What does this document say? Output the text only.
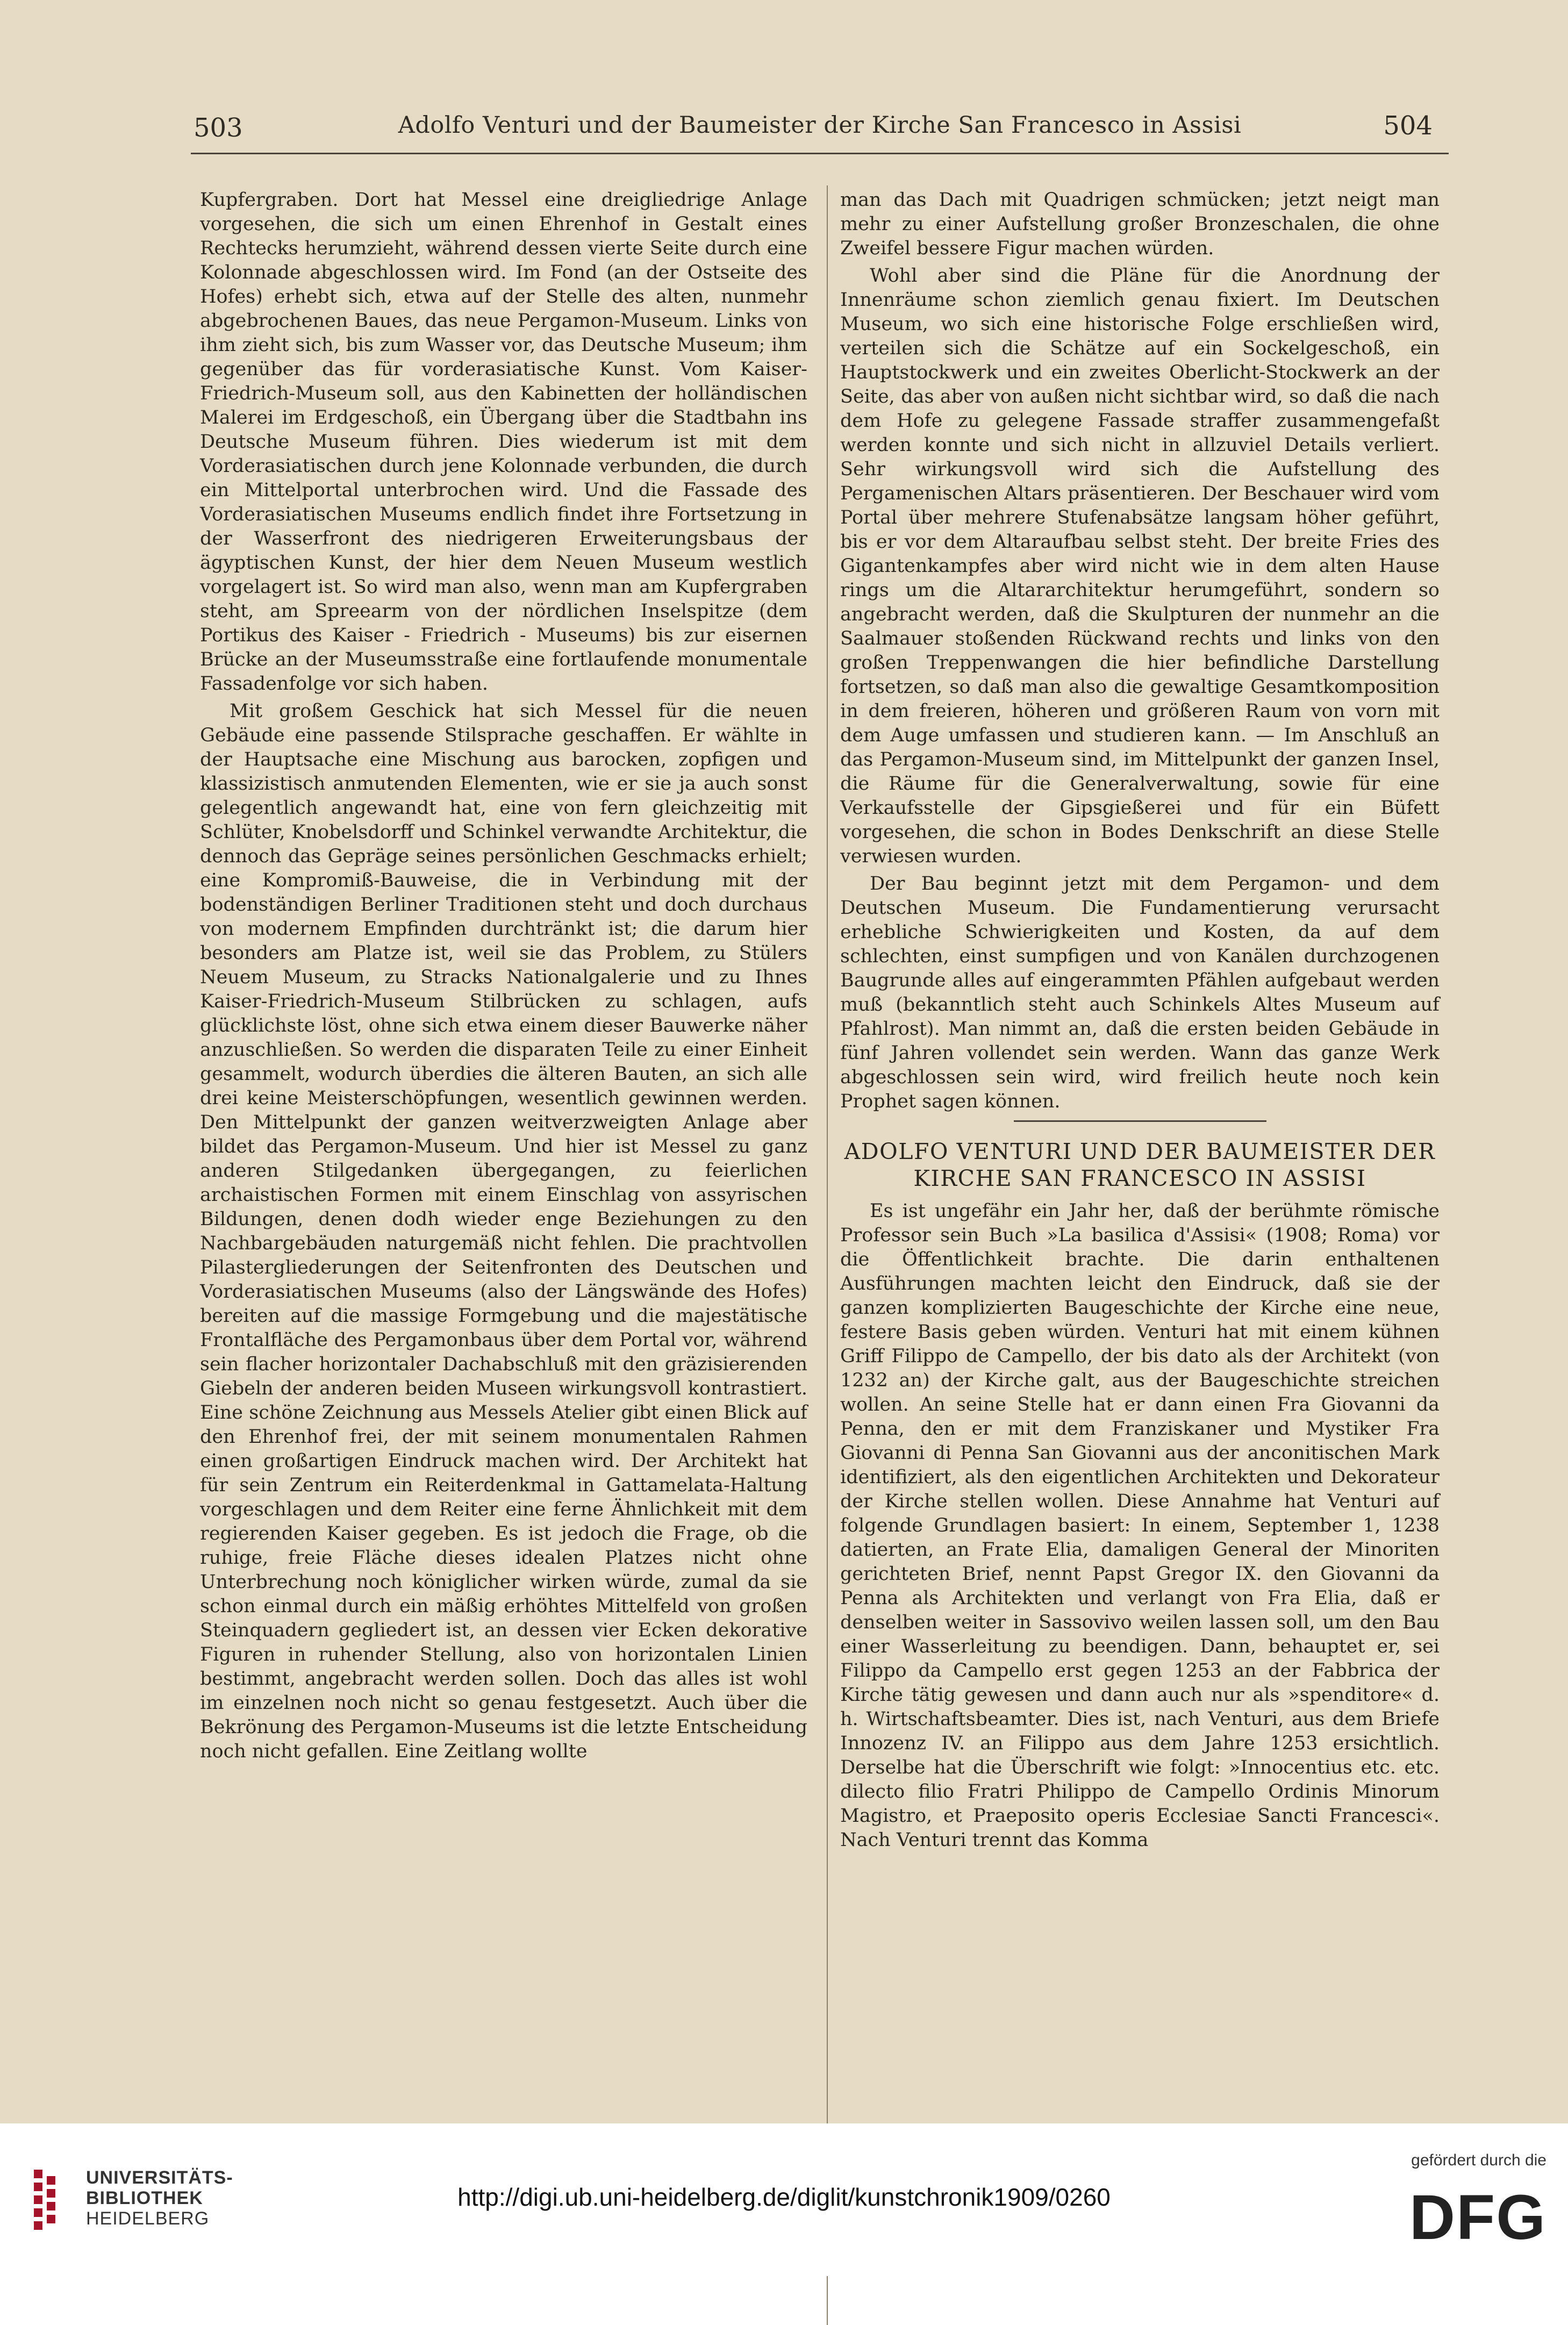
503	Adolfo Venturi und der Baumeister der Kirche San Francesco in Assisi	504

Kupfergraben. Dort hat Messel eine dreigliedrige Anlage vorgesehen, die sich um einen Ehrenhof in Gestalt eines Rechtecks herumzieht, während dessen vierte Seite durch eine Kolonnade abgeschlossen wird. Im Fond (an der Ostseite des Hofes) erhebt sich, etwa auf der Stelle des alten, nunmehr abgebrochenen Baues, das neue Pergamon-Museum. Links von ihm zieht sich, bis zum Wasser vor, das Deutsche Museum; ihm gegenüber das für vorderasiatische Kunst. Vom Kaiser-Friedrich-Museum soll, aus den Kabinetten der holländischen Malerei im Erdgeschoß, ein Übergang über die Stadtbahn ins Deutsche Museum führen. Dies wiederum ist mit dem Vorderasiatischen durch jene Kolonnade verbunden, die durch ein Mittelportal unterbrochen wird. Und die Fassade des Vorderasiatischen Museums endlich findet ihre Fortsetzung in der Wasserfront des niedrigeren Erweiterungsbaus der ägyptischen Kunst, der hier dem Neuen Museum westlich vorgelagert ist. So wird man also, wenn man am Kupfergraben steht, am Spreearm von der nördlichen Inselspitze (dem Portikus des Kaiser - Friedrich - Museums) bis zur eisernen Brücke an der Museumsstraße eine fortlaufende monumentale Fassadenfolge vor sich haben.

Mit großem Geschick hat sich Messel für die neuen Gebäude eine passende Stilsprache geschaffen. Er wählte in der Hauptsache eine Mischung aus barocken, zopfigen und klassizistisch anmutenden Elementen, wie er sie ja auch sonst gelegentlich angewandt hat, eine von fern gleichzeitig mit Schlüter, Knobelsdorff und Schinkel verwandte Architektur, die dennoch das Gepräge seines persönlichen Geschmacks erhielt; eine Kompromiß-Bauweise, die in Verbindung mit der bodenständigen Berliner Traditionen steht und doch durchaus von modernem Empfinden durchtränkt ist; die darum hier besonders am Platze ist, weil sie das Problem, zu Stülers Neuem Museum, zu Stracks Nationalgalerie und zu Ihnes Kaiser-Friedrich-Museum Stilbrücken zu schlagen, aufs glücklichste löst, ohne sich etwa einem dieser Bauwerke näher anzuschließen. So werden die disparaten Teile zu einer Einheit gesammelt, wodurch überdies die älteren Bauten, an sich alle drei keine Meisterschöpfungen, wesentlich gewinnen werden. Den Mittelpunkt der ganzen weitverzweigten Anlage aber bildet das Pergamon-Museum. Und hier ist Messel zu ganz anderen Stilgedanken übergegangen, zu feierlichen archaistischen Formen mit einem Einschlag von assyrischen Bildungen, denen dodh wieder enge Beziehungen zu den Nachbargebäuden naturgemäß nicht fehlen. Die prachtvollen Pilastergliederungen der Seitenfronten des Deutschen und Vorderasiatischen Museums (also der Längswände des Hofes) bereiten auf die massige Formgebung und die majestätische Frontalfläche des Pergamonbaus über dem Portal vor, während sein flacher horizontaler Dachabschluß mit den gräzisierenden Giebeln der anderen beiden Museen wirkungsvoll kontrastiert. Eine schöne Zeichnung aus Messels Atelier gibt einen Blick auf den Ehrenhof frei, der mit seinem monumentalen Rahmen einen großartigen Eindruck machen wird. Der Architekt hat für sein Zentrum ein Reiterdenkmal in Gattamelata-Haltung vorgeschlagen und dem Reiter eine ferne Ähnlichkeit mit dem regierenden Kaiser gegeben. Es ist jedoch die Frage, ob die ruhige, freie Fläche dieses idealen Platzes nicht ohne Unterbrechung noch königlicher wirken würde, zumal da sie schon einmal durch ein mäßig erhöhtes Mittelfeld von großen Steinquadern gegliedert ist, an dessen vier Ecken dekorative Figuren in ruhender Stellung, also von horizontalen Linien bestimmt, angebracht werden sollen. Doch das alles ist wohl im einzelnen noch nicht so genau festgesetzt. Auch über die Bekrönung des Pergamon-Museums ist die letzte Entscheidung noch nicht gefallen. Eine Zeitlang wollte

man das Dach mit Quadrigen schmücken; jetzt neigt man mehr zu einer Aufstellung großer Bronzeschalen, die ohne Zweifel bessere Figur machen würden.

Wohl aber sind die Pläne für die Anordnung der Innenräume schon ziemlich genau fixiert. Im Deutschen Museum, wo sich eine historische Folge erschließen wird, verteilen sich die Schätze auf ein Sockelgeschoß, ein Hauptstockwerk und ein zweites Oberlicht-Stockwerk an der Seite, das aber von außen nicht sichtbar wird, so daß die nach dem Hofe zu gelegene Fassade straffer zusammengefaßt werden konnte und sich nicht in allzuviel Details verliert. Sehr wirkungsvoll wird sich die Aufstellung des Pergamenischen Altars präsentieren. Der Beschauer wird vom Portal über mehrere Stufenabsätze langsam höher geführt, bis er vor dem Altaraufbau selbst steht. Der breite Fries des Gigantenkampfes aber wird nicht wie in dem alten Hause rings um die Altararchitektur herumgeführt, sondern so angebracht werden, daß die Skulpturen der nunmehr an die Saalmauer stoßenden Rückwand rechts und links von den großen Treppenwangen die hier befindliche Darstellung fortsetzen, so daß man also die gewaltige Gesamtkomposition in dem freieren, höheren und größeren Raum von vorn mit dem Auge umfassen und studieren kann. — Im Anschluß an das Pergamon-Museum sind, im Mittelpunkt der ganzen Insel, die Räume für die Generalverwaltung, sowie für eine Verkaufsstelle der Gipsgießerei und für ein Büfett vorgesehen, die schon in Bodes Denkschrift an diese Stelle verwiesen wurden.

Der Bau beginnt jetzt mit dem Pergamon- und dem Deutschen Museum. Die Fundamentierung verursacht erhebliche Schwierigkeiten und Kosten, da auf dem schlechten, einst sumpfigen und von Kanälen durchzogenen Baugrunde alles auf eingerammten Pfählen aufgebaut werden muß (bekanntlich steht auch Schinkels Altes Museum auf Pfahlrost). Man nimmt an, daß die ersten beiden Gebäude in fünf Jahren vollendet sein werden. Wann das ganze Werk abgeschlossen sein wird, wird freilich heute noch kein Prophet sagen können.

ADOLFO VENTURI UND DER BAUMEISTER DER
KIRCHE SAN FRANCESCO IN ASSISI

Es ist ungefähr ein Jahr her, daß der berühmte römische Professor sein Buch »La basilica d'Assisi« (1908; Roma) vor die Öffentlichkeit brachte. Die darin enthaltenen Ausführungen machten leicht den Eindruck, daß sie der ganzen komplizierten Baugeschichte der Kirche eine neue, festere Basis geben würden. Venturi hat mit einem kühnen Griff Filippo de Campello, der bis dato als der Architekt (von 1232 an) der Kirche galt, aus der Baugeschichte streichen wollen. An seine Stelle hat er dann einen Fra Giovanni da Penna, den er mit dem Franziskaner und Mystiker Fra Giovanni di Penna San Giovanni aus der anconitischen Mark identifiziert, als den eigentlichen Architekten und Dekorateur der Kirche stellen wollen. Diese Annahme hat Venturi auf folgende Grundlagen basiert: In einem, September 1, 1238 datierten, an Frate Elia, damaligen General der Minoriten gerichteten Brief, nennt Papst Gregor IX. den Giovanni da Penna als Architekten und verlangt von Fra Elia, daß er denselben weiter in Sassovivo weilen lassen soll, um den Bau einer Wasserleitung zu beendigen. Dann, behauptet er, sei Filippo da Campello erst gegen 1253 an der Fabbrica der Kirche tätig gewesen und dann auch nur als »spenditore« d. h. Wirtschaftsbeamter. Dies ist, nach Venturi, aus dem Briefe Innozenz IV. an Filippo aus dem Jahre 1253 ersichtlich. Derselbe hat die Überschrift wie folgt: »Innocentius etc. etc. dilecto filio Fratri Philippo de Campello Ordinis Minorum Magistro, et Praeposito operis Ecclesiae Sancti Francesci«. Nach Venturi trennt das Komma

UNIVERSITÄTS-
BIBLIOTHEK
HEIDELBERG
http://digi.ub.uni-heidelberg.de/diglit/kunstchronik1909/0260
gefördert durch die
DFG
